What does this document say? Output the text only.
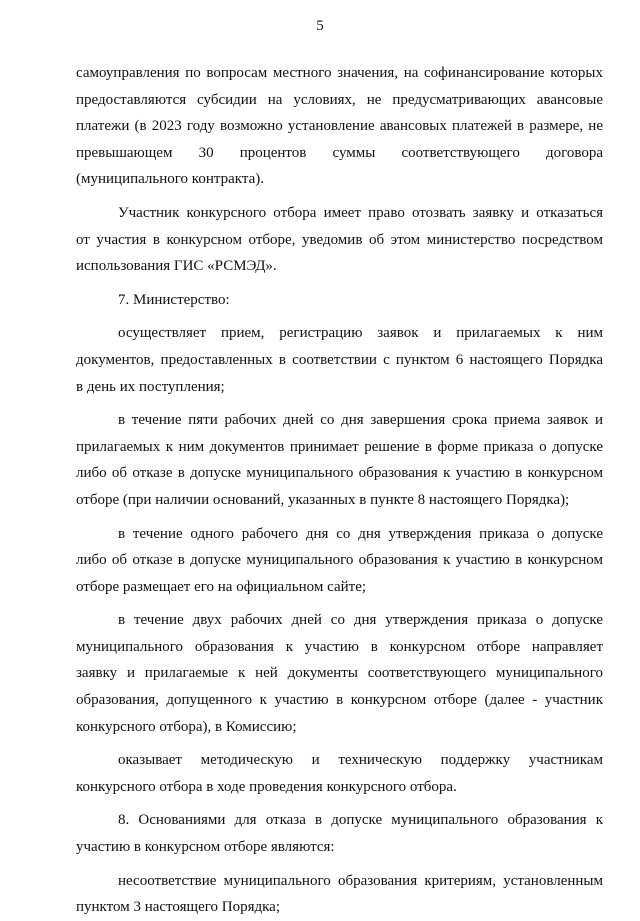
5
самоуправления по вопросам местного значения, на софинансирование которых
предоставляются субсидии на условиях, не предусматривающих авансовые
платежи (в 2023 году возможно установление авансовых платежей в размере, не
превышающем 30 процентов суммы соответствующего договора
(муниципального контракта).
Участник конкурсного отбора имеет право отозвать заявку и отказаться
от участия в конкурсном отборе, уведомив об этом министерство посредством
использования ГИС «РСМЭД».
7. Министерство:
осуществляет прием, регистрацию заявок и прилагаемых к ним
документов, предоставленных в соответствии с пунктом 6 настоящего Порядка
в день их поступления;
в течение пяти рабочих дней со дня завершения срока приема заявок и
прилагаемых к ним документов принимает решение в форме приказа о допуске
либо об отказе в допуске муниципального образования к участию в конкурсном
отборе (при наличии оснований, указанных в пункте 8 настоящего Порядка);
в течение одного рабочего дня со дня утверждения приказа о допуске
либо об отказе в допуске муниципального образования к участию в конкурсном
отборе размещает его на официальном сайте;
в течение двух рабочих дней со дня утверждения приказа о допуске
муниципального образования к участию в конкурсном отборе направляет
заявку и прилагаемые к ней документы соответствующего муниципального
образования, допущенного к участию в конкурсном отборе (далее - участник
конкурсного отбора), в Комиссию;
оказывает методическую и техническую поддержку участникам
конкурсного отбора в ходе проведения конкурсного отбора.
8. Основаниями для отказа в допуске муниципального образования к
участию в конкурсном отборе являются:
несоответствие муниципального образования критериям, установленным
пунктом 3 настоящего Порядка;
